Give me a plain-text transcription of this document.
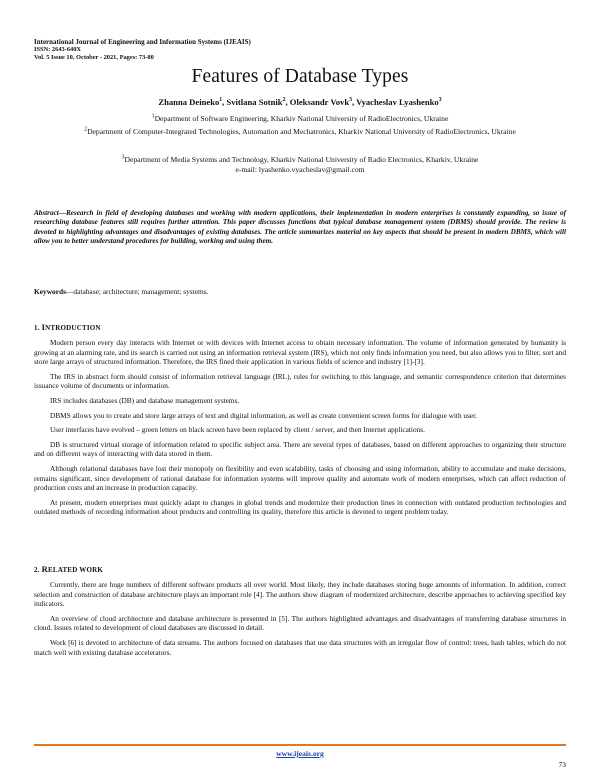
International Journal of Engineering and Information Systems (IJEAIS)
ISSN: 2643-640X
Vol. 5 Issue 10, October - 2021, Pages: 73-80
Features of Database Types
Zhanna Deineko$^1$, Svitlana Sotnik$^2$, Oleksandr Vovk$^3$, Vyacheslav Lyashenko$^3$
$^1$Department of Software Engineering, Kharkiv National University of RadioElectronics, Ukraine
$^2$Department of Computer-Integrated Technologies, Automation and Mechatronics, Kharkiv National University of RadioElectronics, Ukraine
$^3$Department of Media Systems and Technology, Kharkiv National University of Radio Electronics, Kharkiv, Ukraine
e-mail: lyashenko.vyacheslav@gmail.com
Abstract—Research in field of developing databases and working with modern applications, their implementation in modern enterprises is constantly expanding, so issue of researching database features still requires further attention. This paper discusses functions that typical database management system (DBMS) should provide. The review is devoted to highlighting advantages and disadvantages of existing databases. The article summarizes material on key aspects that should be present in modern DBMS, which will allow you to better understand procedures for building, working and using them.
Keywords—database; architecture; management; systems.
1. INTRODUCTION

Modern person every day interacts with Internet or with devices with Internet access to obtain necessary information. The volume of information generated by humanity is growing at an alarming rate, and its search is carried out using an information retrieval system (IRS), which not only finds information you need, but also allows you to filter, sort and store large arrays of structured information. Therefore, the IRS fined their application in various fields of science and industry [1]-[3].

The IRS in abstract form should consist of information retrieval language (IRL), rules for switching to this language, and semantic correspondence criterion that determines issuance volume of documents or information.

IRS includes databases (DB) and database management systems.

DBMS allows you to create and store large arrays of text and digital information, as well as create convenient screen forms for dialogue with user.

User interfaces have evolved – green letters on black screen have been replaced by client / server, and then Internet applications.

DB is structured virtual storage of information related to specific subject area. There are several types of databases, based on different approaches to organizing their structure and on different ways of interacting with data stored in them.

Although relational databases have lost their monopoly on flexibility and even scalability, tasks of choosing and using information, ability to accumulate and make decisions, remains significant, since development of rational database for information systems will improve quality and automate work of modern enterprises, which can affect reduction of production costs and an increase in production capacity.

At present, modern enterprises must quickly adapt to changes in global trends and modernize their production lines in connection with outdated production technologies and outdated methods of recording information about products and controlling its quality, therefore this article is devoted to urgent problem today.

2. RELATED WORK

Currently, there are huge numbers of different software products all over world. Most likely, they include databases storing huge amounts of information. In addition, correct selection and construction of database architecture plays an important role [4]. The authors show diagram of modernized architecture, describe approaches to achieving specified key indicators.

An overview of cloud architecture and database architecture is presented in [5]. The authors highlighted advantages and disadvantages of transferring database structures in cloud. Issues related to development of cloud databases are discussed in detail.

Work [6] is devoted to architecture of data streams. The authors focused on databases that use data structures with an irregular flow of control: trees, hash tables, which do not match well with existing database accelerators.

www.ijeais.org
73
